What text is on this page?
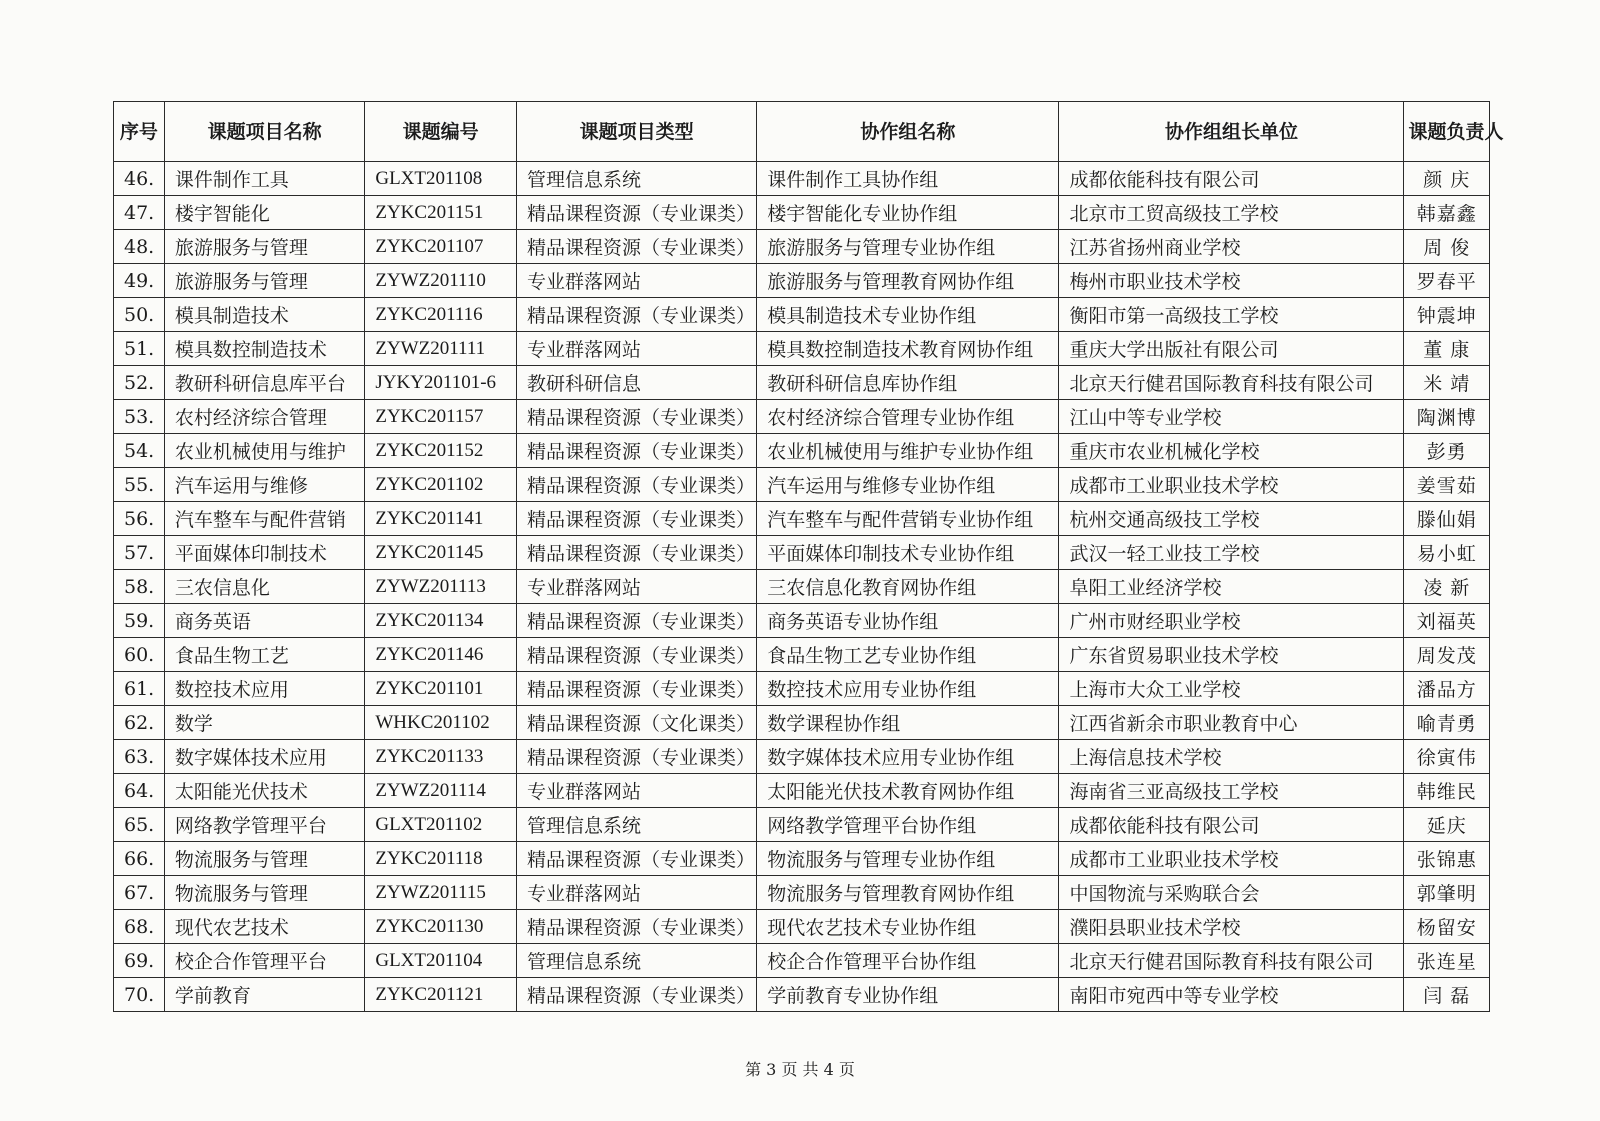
序号	课题项目名称	课题编号	课题项目类型	协作组名称	协作组组长单位	课题负责人
46.	课件制作工具	GLXT201108	管理信息系统	课件制作工具协作组	成都依能科技有限公司	颜 庆
47.	楼宇智能化	ZYKC201151	精品课程资源（专业课类）	楼宇智能化专业协作组	北京市工贸高级技工学校	韩嘉鑫
48.	旅游服务与管理	ZYKC201107	精品课程资源（专业课类）	旅游服务与管理专业协作组	江苏省扬州商业学校	周 俊
49.	旅游服务与管理	ZYWZ201110	专业群落网站	旅游服务与管理教育网协作组	梅州市职业技术学校	罗春平
50.	模具制造技术	ZYKC201116	精品课程资源（专业课类）	模具制造技术专业协作组	衡阳市第一高级技工学校	钟震坤
51.	模具数控制造技术	ZYWZ201111	专业群落网站	模具数控制造技术教育网协作组	重庆大学出版社有限公司	董 康
52.	教研科研信息库平台	JYKY201101-6	教研科研信息	教研科研信息库协作组	北京天行健君国际教育科技有限公司	米 靖
53.	农村经济综合管理	ZYKC201157	精品课程资源（专业课类）	农村经济综合管理专业协作组	江山中等专业学校	陶渊博
54.	农业机械使用与维护	ZYKC201152	精品课程资源（专业课类）	农业机械使用与维护专业协作组	重庆市农业机械化学校	彭勇
55.	汽车运用与维修	ZYKC201102	精品课程资源（专业课类）	汽车运用与维修专业协作组	成都市工业职业技术学校	姜雪茹
56.	汽车整车与配件营销	ZYKC201141	精品课程资源（专业课类）	汽车整车与配件营销专业协作组	杭州交通高级技工学校	滕仙娟
57.	平面媒体印制技术	ZYKC201145	精品课程资源（专业课类）	平面媒体印制技术专业协作组	武汉一轻工业技工学校	易小虹
58.	三农信息化	ZYWZ201113	专业群落网站	三农信息化教育网协作组	阜阳工业经济学校	凌 新
59.	商务英语	ZYKC201134	精品课程资源（专业课类）	商务英语专业协作组	广州市财经职业学校	刘福英
60.	食品生物工艺	ZYKC201146	精品课程资源（专业课类）	食品生物工艺专业协作组	广东省贸易职业技术学校	周发茂
61.	数控技术应用	ZYKC201101	精品课程资源（专业课类）	数控技术应用专业协作组	上海市大众工业学校	潘品方
62.	数学	WHKC201102	精品课程资源（文化课类）	数学课程协作组	江西省新余市职业教育中心	喻青勇
63.	数字媒体技术应用	ZYKC201133	精品课程资源（专业课类）	数字媒体技术应用专业协作组	上海信息技术学校	徐寅伟
64.	太阳能光伏技术	ZYWZ201114	专业群落网站	太阳能光伏技术教育网协作组	海南省三亚高级技工学校	韩维民
65.	网络教学管理平台	GLXT201102	管理信息系统	网络教学管理平台协作组	成都依能科技有限公司	延庆
66.	物流服务与管理	ZYKC201118	精品课程资源（专业课类）	物流服务与管理专业协作组	成都市工业职业技术学校	张锦惠
67.	物流服务与管理	ZYWZ201115	专业群落网站	物流服务与管理教育网协作组	中国物流与采购联合会	郭肇明
68.	现代农艺技术	ZYKC201130	精品课程资源（专业课类）	现代农艺技术专业协作组	濮阳县职业技术学校	杨留安
69.	校企合作管理平台	GLXT201104	管理信息系统	校企合作管理平台协作组	北京天行健君国际教育科技有限公司	张连星
70.	学前教育	ZYKC201121	精品课程资源（专业课类）	学前教育专业协作组	南阳市宛西中等专业学校	闫 磊
第 3 页 共 4 页
